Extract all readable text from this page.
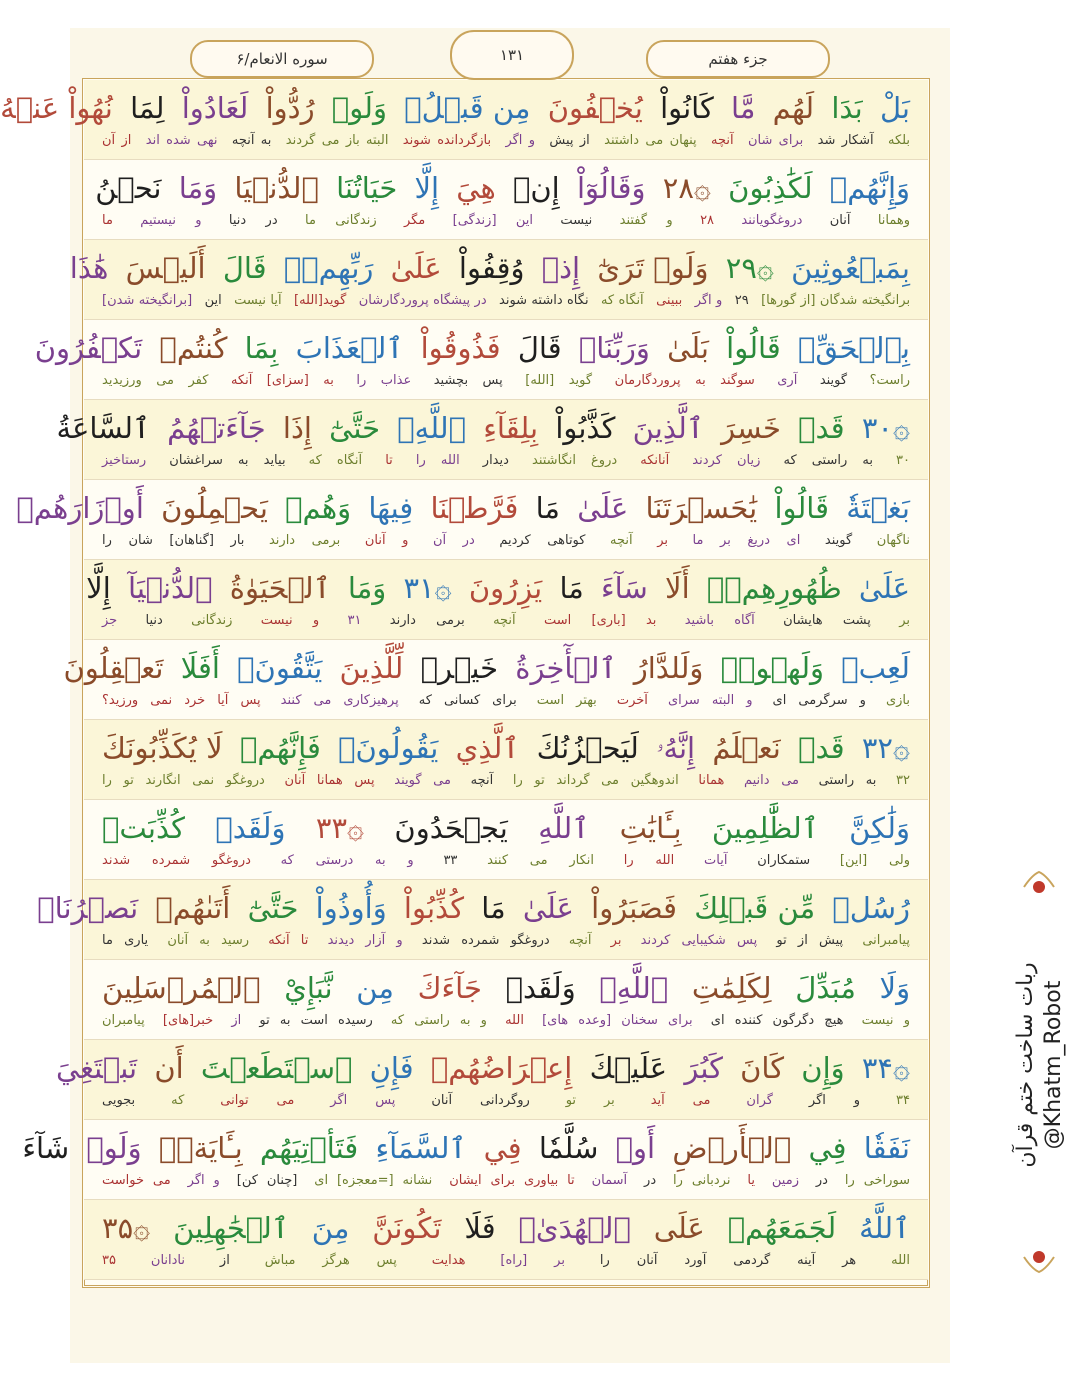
سوره الانعام/۶	۱۳۱	جزء هفتم
بَلْ بَدَا لَهُم مَّا كَانُواْ يُخۡفُونَ مِن قَبۡلُۖ وَلَوۡ رُدُّواْ لَعَادُواْ لِمَا نُهُواْ عَنۡهُ
بلکه آشکار شد برای شان آنچه پنهان می داشتند از پیش و اگر بازگردانده شوند البته باز می گردند به آنچه نهی شده اند از آن
وَإِنَّهُمۡ لَكَٰذِبُونَ ۞۲۸ وَقَالُوٓاْ إِنۡ هِيَ إِلَّا حَيَاتُنَا ٱلدُّنۡيَا وَمَا نَحۡنُ
وهمانا آنان دروغگویانند ۲۸ و گفتند نیست این [زندگی] مگر زندگانی ما در دنیا و نیستیم ما
بِمَبۡعُوثِينَ ۞۲۹ وَلَوۡ تَرَىٰٓ إِذۡ وُقِفُواْ عَلَىٰ رَبِّهِمۡۚ قَالَ أَلَيۡسَ هَٰذَا
برانگیخته شدگان [از گورها] ۲۹ و اگر ببینی آنگاه که نگاه داشته شوند در پیشگاه پروردگارشان گوید[الله] آیا نیست این [برانگیخته شدن]
بِٱلۡحَقِّۚ قَالُواْ بَلَىٰ وَرَبِّنَاۚ قَالَ فَذُوقُواْ ٱلۡعَذَابَ بِمَا كُنتُمۡ تَكۡفُرُونَ
راست؟ گویند آری سوگند به پروردگارمان گوید [الله] پس بچشید عذاب را به [سزای] آنکه کفر می ورزیدید
۞۳۰ قَدۡ خَسِرَ ٱلَّذِينَ كَذَّبُواْ بِلِقَآءِ ٱللَّهِۖ حَتَّىٰٓ إِذَا جَآءَتۡهُمُ ٱلسَّاعَةُ
۳۰ به راستی که زیان کردند آنانکه دروغ انگاشتند دیدار الله را تا آنگاه که بیاید به سراغشان رستاخیز
بَغۡتَةٗ قَالُواْ يَٰحَسۡرَتَنَا عَلَىٰ مَا فَرَّطۡنَا فِيهَا وَهُمۡ يَحۡمِلُونَ أَوۡزَارَهُمۡ
ناگهان گویند ای دریغ بر ما بر آنچه کوتاهی کردیم در آن و آنان برمی دارند بار [گناهان] شان را
عَلَىٰ ظُهُورِهِمۡۚ أَلَا سَآءَ مَا يَزِرُونَ ۞۳۱ وَمَا ٱلۡحَيَوٰةُ ٱلدُّنۡيَآ إِلَّا
بر پشت هایشان آگاه باشید بد [باری] است آنچه برمی دارند ۳۱ و نیست زندگانی دنیا جز
لَعِبٞ وَلَهۡوٞۖ وَلَلدَّارُ ٱلۡأٓخِرَةُ خَيۡرٞ لِّلَّذِينَ يَتَّقُونَۚ أَفَلَا تَعۡقِلُونَ
بازی و سرگرمی ای و البته سرای آخرت بهتر است برای کسانی که پرهیزکاری می کنند پس آیا خرد نمی ورزید؟
۞۳۲ قَدۡ نَعۡلَمُ إِنَّهُۥ لَيَحۡزُنُكَ ٱلَّذِي يَقُولُونَۖ فَإِنَّهُمۡ لَا يُكَذِّبُونَكَ
۳۲ به راستی می دانیم همانا اندوهگین می گرداند تو را آنچه می گویند پس همانا آنان دروغگو نمی انگارند تو را
وَلَٰكِنَّ ٱلظَّٰلِمِينَ بِـَٔايَٰتِ ٱللَّهِ يَجۡحَدُونَ ۞۳۳ وَلَقَدۡ كُذِّبَتۡ
ولی [این] ستمکاران آیات الله را انکار می کنند ۳۳ و به درستی که دروغگو شمرده شدند
رُسُلٞ مِّن قَبۡلِكَ فَصَبَرُواْ عَلَىٰ مَا كُذِّبُواْ وَأُوذُواْ حَتَّىٰٓ أَتَىٰهُمۡ نَصۡرُنَاۚ
پیامبرانی پیش از تو پس شکیبایی کردند بر آنچه دروغگو شمرده شدند و آزار دیدند تا آنکه رسید به آنان یاری ما
وَلَا مُبَدِّلَ لِكَلِمَٰتِ ٱللَّهِۚ وَلَقَدۡ جَآءَكَ مِن نَّبَإِيْ ٱلۡمُرۡسَلِينَ
و نیست هیچ دگرگون کننده ای برای سخنان [وعده های] الله و به راستی که رسیده است به تو از خبر[های] پیامبران
۞۳۴ وَإِن كَانَ كَبُرَ عَلَيۡكَ إِعۡرَاضُهُمۡ فَإِنِ ٱسۡتَطَعۡتَ أَن تَبۡتَغِيَ
۳۴ و اگر گران می آید بر تو روگردانی آنان پس اگر می توانی که بجویی
نَفَقٗا فِي ٱلۡأَرۡضِ أَوۡ سُلَّمٗا فِي ٱلسَّمَآءِ فَتَأۡتِيَهُم بِـَٔايَةٖۚ وَلَوۡ شَآءَ
سوراخی را در زمین یا نردبانی را در آسمان تا بیاوری برای ایشان نشانه [=معجزه] ای [چنان کن] و اگر می خواست
ٱللَّهُ لَجَمَعَهُمۡ عَلَى ٱلۡهُدَىٰۚ فَلَا تَكُونَنَّ مِنَ ٱلۡجَٰهِلِينَ ۞۳۵
الله هر آینه گردمی آورد آنان را بر [راه] هدایت پس هرگز مباش از نادانان ۳۵
ربات ساخت ختم قرآن @Khatm_Robot
